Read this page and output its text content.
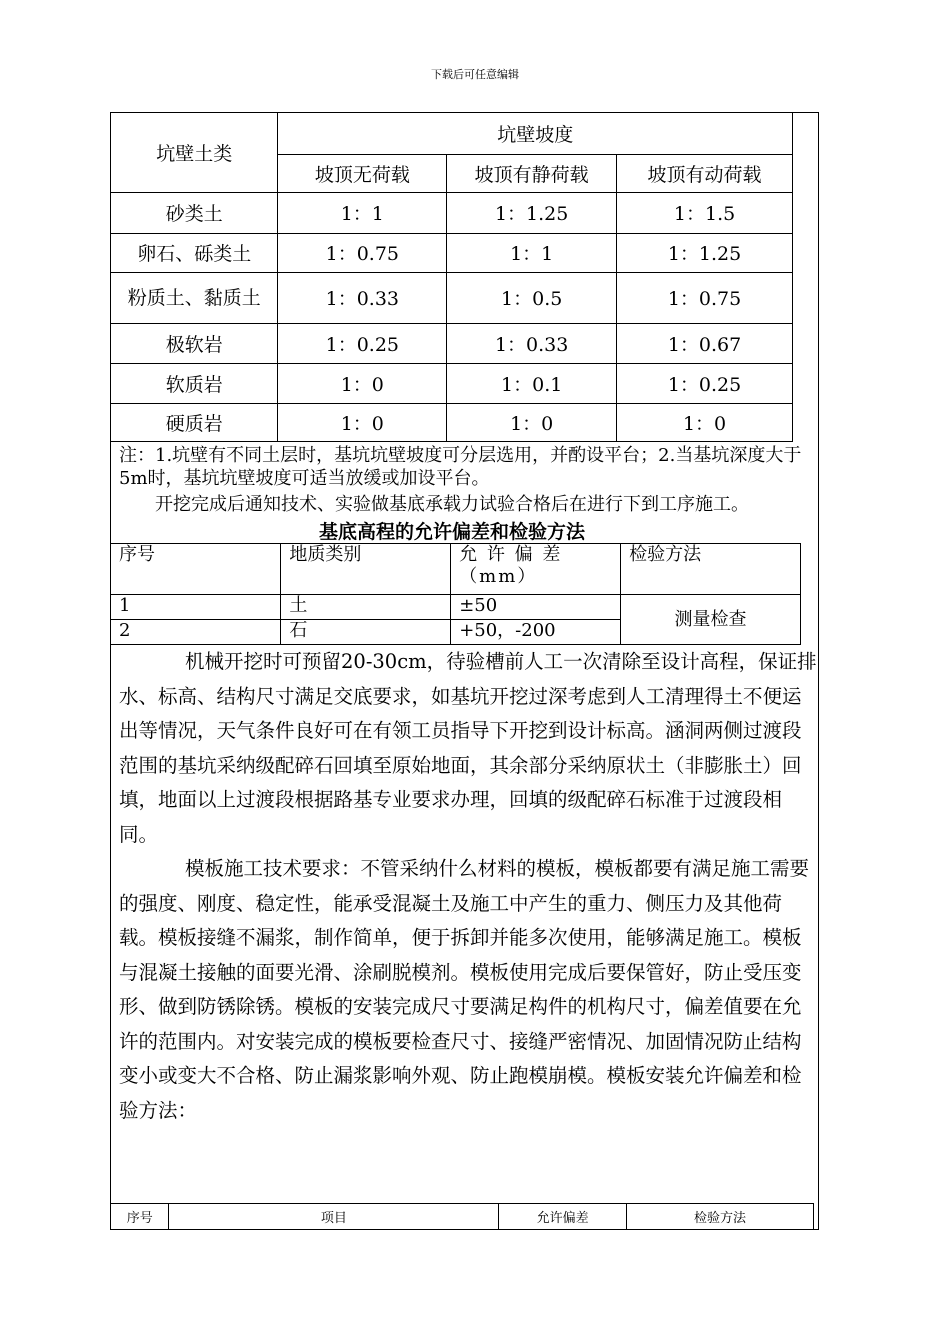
下载后可任意编辑
坑壁土类	坑壁坡度		
	坡顶无荷载	坡顶有静荷载	坡顶有动荷载
砂类土	1：1	1：1.25	1：1.5
卵石、砾类土	1：0.75	1：1	1：1.25
粉质土、黏质土	1：0.33	1：0.5	1：0.75
极软岩	1：0.25	1：0.33	1：0.67
软质岩	1：0	1：0.1	1：0.25
硬质岩	1：0	1：0	1：0
注：1.坑壁有不同土层时，基坑坑壁坡度可分层选用，并酌设平台；2.当基坑深度大于5m时，基坑坑壁坡度可适当放缓或加设平台。
开挖完成后通知技术、实验做基底承载力试验合格后在进行下到工序施工。
基底高程的允许偏差和检验方法
序号	地质类别	允 许 偏 差（mm）	检验方法
1	土	±50	测量检查
2	石	+50，-200	

机械开挖时可预留20-30cm，待验槽前人工一次清除至设计高程，保证排水、标高、结构尺寸满足交底要求，如基坑开挖过深考虑到人工清理得土不便运出等情况，天气条件良好可在有领工员指导下开挖到设计标高。涵洞两侧过渡段范围的基坑采纳级配碎石回填至原始地面，其余部分采纳原状土（非膨胀土）回填，地面以上过渡段根据路基专业要求办理，回填的级配碎石标准于过渡段相同。

模板施工技术要求：不管采纳什么材料的模板，模板都要有满足施工需要的强度、刚度、稳定性，能承受混凝土及施工中产生的重力、侧压力及其他荷载。模板接缝不漏浆，制作简单，便于拆卸并能多次使用，能够满足施工。模板与混凝土接触的面要光滑、涂刷脱模剂。模板使用完成后要保管好，防止受压变形、做到防锈除锈。模板的安装完成尺寸要满足构件的机构尺寸，偏差值要在允许的范围内。对安装完成的模板要检查尺寸、接缝严密情况、加固情况防止结构变小或变大不合格、防止漏浆影响外观、防止跑模崩模。模板安装允许偏差和检验方法：

序号	项目	允许偏差	检验方法
